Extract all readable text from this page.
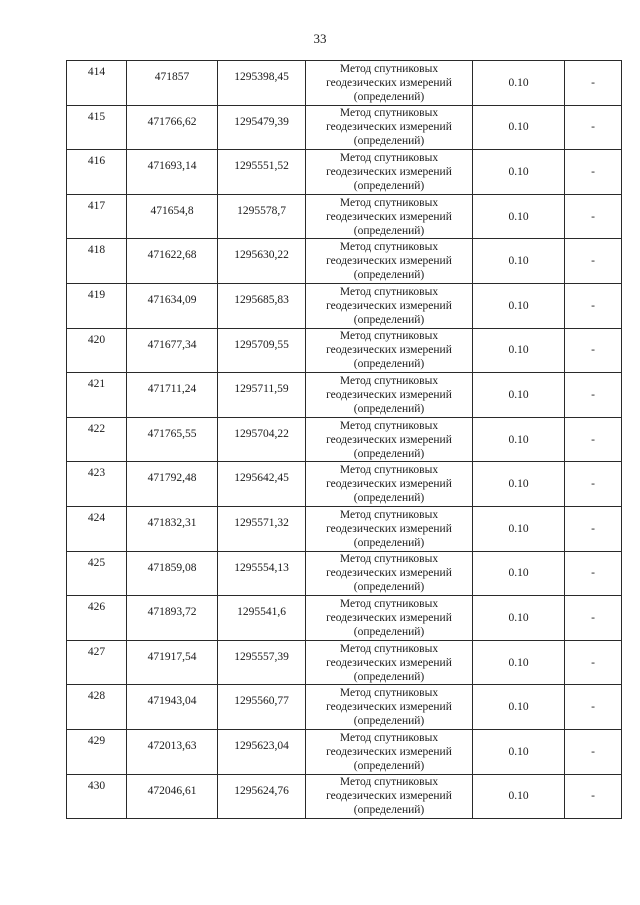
33
414	471857	1295398,45	Метод спутниковых
геодезических измерений
(определений)	0.10	-
415	471766,62	1295479,39	Метод спутниковых
геодезических измерений
(определений)	0.10	-
416	471693,14	1295551,52	Метод спутниковых
геодезических измерений
(определений)	0.10	-
417	471654,8	1295578,7	Метод спутниковых
геодезических измерений
(определений)	0.10	-
418	471622,68	1295630,22	Метод спутниковых
геодезических измерений
(определений)	0.10	-
419	471634,09	1295685,83	Метод спутниковых
геодезических измерений
(определений)	0.10	-
420	471677,34	1295709,55	Метод спутниковых
геодезических измерений
(определений)	0.10	-
421	471711,24	1295711,59	Метод спутниковых
геодезических измерений
(определений)	0.10	-
422	471765,55	1295704,22	Метод спутниковых
геодезических измерений
(определений)	0.10	-
423	471792,48	1295642,45	Метод спутниковых
геодезических измерений
(определений)	0.10	-
424	471832,31	1295571,32	Метод спутниковых
геодезических измерений
(определений)	0.10	-
425	471859,08	1295554,13	Метод спутниковых
геодезических измерений
(определений)	0.10	-
426	471893,72	1295541,6	Метод спутниковых
геодезических измерений
(определений)	0.10	-
427	471917,54	1295557,39	Метод спутниковых
геодезических измерений
(определений)	0.10	-
428	471943,04	1295560,77	Метод спутниковых
геодезических измерений
(определений)	0.10	-
429	472013,63	1295623,04	Метод спутниковых
геодезических измерений
(определений)	0.10	-
430	472046,61	1295624,76	Метод спутниковых
геодезических измерений
(определений)	0.10	-
